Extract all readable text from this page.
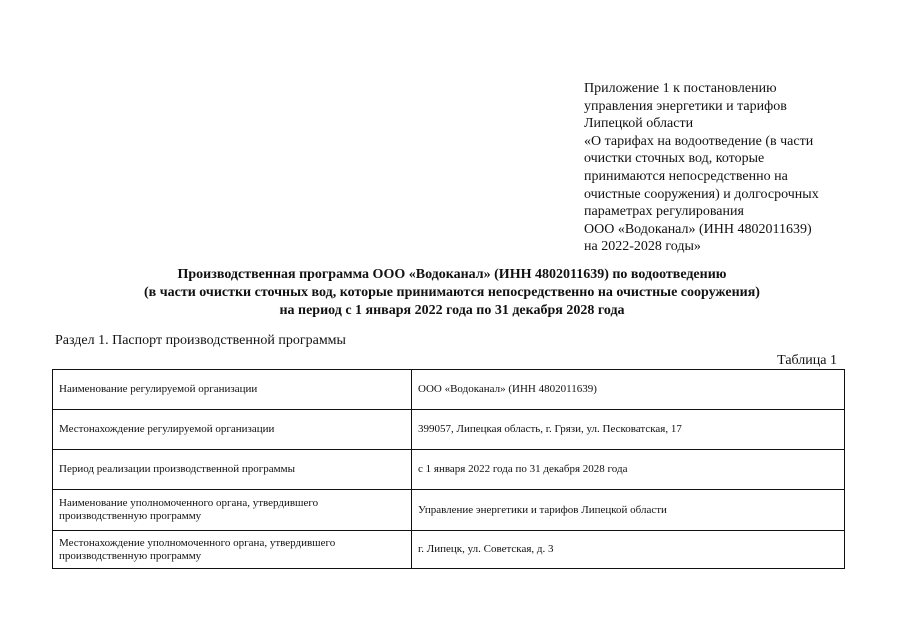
Приложение 1 к постановлению
управления энергетики и тарифов
Липецкой области
«О тарифах на водоотведение (в части
очистки сточных вод, которые
принимаются непосредственно на
очистные сооружения) и долгосрочных
параметрах регулирования
ООО «Водоканал» (ИНН 4802011639)
на 2022-2028 годы»
Производственная программа ООО «Водоканал» (ИНН 4802011639) по водоотведению
(в части очистки сточных вод, которые принимаются непосредственно на очистные сооружения)
на период с 1 января 2022 года по 31 декабря 2028 года
Раздел 1. Паспорт производственной программы
Таблица 1
Наименование регулируемой организации	ООО «Водоканал» (ИНН 4802011639)
Местонахождение регулируемой организации	399057, Липецкая область, г. Грязи, ул. Песковатская, 17
Период реализации производственной программы	с 1 января 2022 года по 31 декабря 2028 года
Наименование уполномоченного органа, утвердившего производственную программу	Управление энергетики и тарифов Липецкой области
Местонахождение уполномоченного органа, утвердившего производственную программу	г. Липецк, ул. Советская, д. 3
